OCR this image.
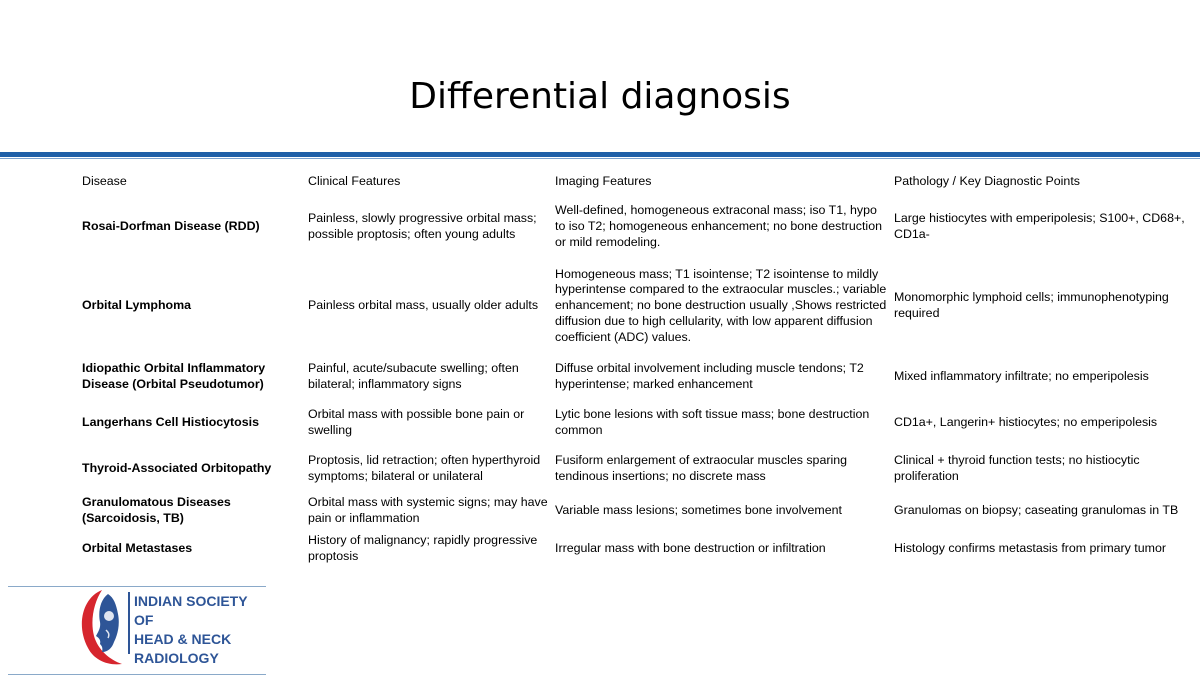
Differential diagnosis
Disease	Clinical Features	Imaging Features	Pathology / Key Diagnostic Points
Rosai-Dorfman Disease (RDD)	Painless, slowly progressive orbital mass; possible proptosis; often young adults	Well-defined, homogeneous extraconal mass; iso T1, hypo to iso T2; homogeneous enhancement; no bone destruction or mild remodeling.	Large histiocytes with emperipolesis; S100+, CD68+, CD1a-
Orbital Lymphoma	Painless orbital mass, usually older adults	Homogeneous mass; T1 isointense; T2 isointense to mildly hyperintense compared to the extraocular muscles.; variable enhancement; no bone destruction usually ,Shows restricted diffusion due to high cellularity, with low apparent diffusion coefficient (ADC) values.	Monomorphic lymphoid cells; immunophenotyping required
Idiopathic Orbital Inflammatory Disease (Orbital Pseudotumor)	Painful, acute/subacute swelling; often bilateral; inflammatory signs	Diffuse orbital involvement including muscle tendons; T2 hyperintense; marked enhancement	Mixed inflammatory infiltrate; no emperipolesis
Langerhans Cell Histiocytosis	Orbital mass with possible bone pain or swelling	Lytic bone lesions with soft tissue mass; bone destruction common	CD1a+, Langerin+ histiocytes; no emperipolesis
Thyroid-Associated Orbitopathy	Proptosis, lid retraction; often hyperthyroid symptoms; bilateral or unilateral	Fusiform enlargement of extraocular muscles sparing tendinous insertions; no discrete mass	Clinical + thyroid function tests; no histiocytic proliferation
Granulomatous Diseases (Sarcoidosis, TB)	Orbital mass with systemic signs; may have pain or inflammation	Variable mass lesions; sometimes bone involvement	Granulomas on biopsy; caseating granulomas in TB
Orbital Metastases	History of malignancy; rapidly progressive proptosis	Irregular mass with bone destruction or infiltration	Histology confirms metastasis from primary tumor
INDIAN SOCIETY OF
HEAD & NECK
RADIOLOGY
